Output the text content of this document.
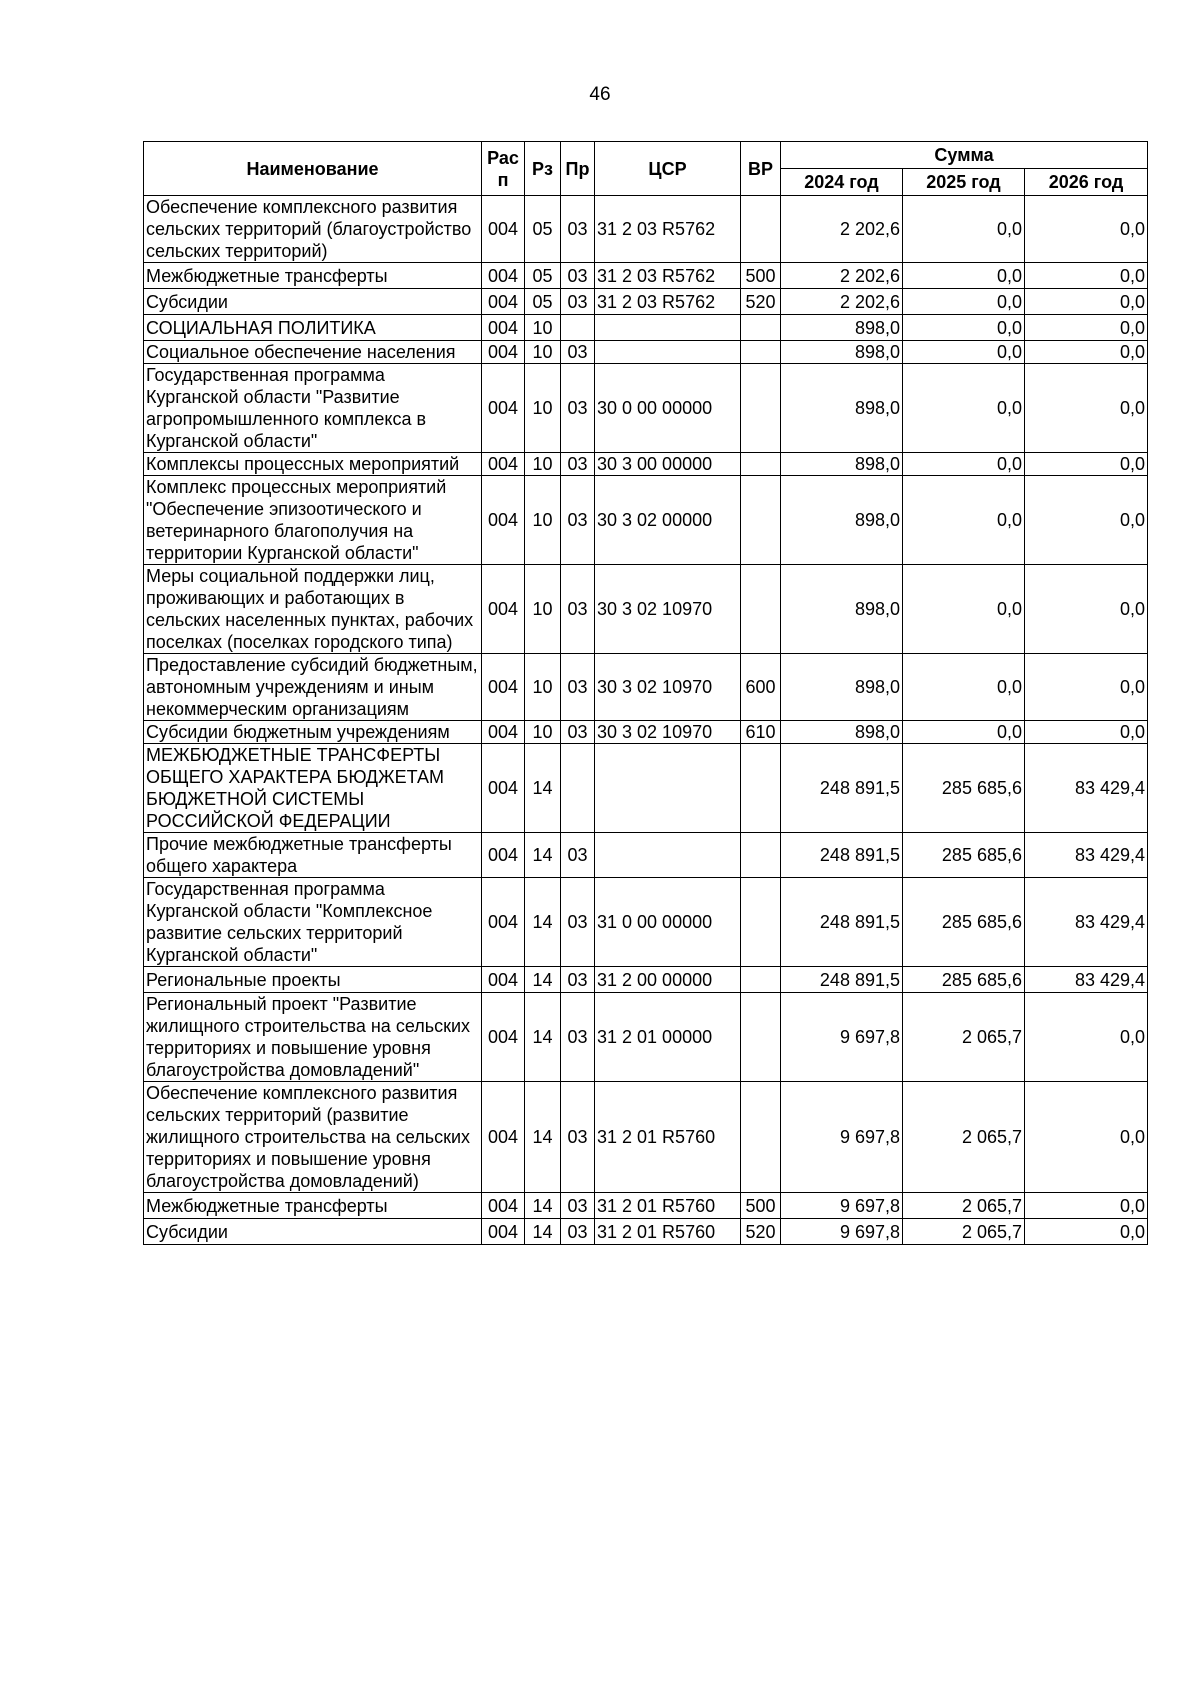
46
Наименование	Рас п	Рз	Пр	ЦСР	ВР	Сумма		
						2024 год	2025 год	2026 год
Обеспечение комплексного развития сельских территорий (благоустройство сельских территорий)	004	05	03	31 2 03 R5762		2 202,6	0,0	0,0
Межбюджетные трансферты	004	05	03	31 2 03 R5762	500	2 202,6	0,0	0,0
Субсидии	004	05	03	31 2 03 R5762	520	2 202,6	0,0	0,0
СОЦИАЛЬНАЯ ПОЛИТИКА	004	10				898,0	0,0	0,0
Социальное обеспечение населения	004	10	03			898,0	0,0	0,0
Государственная программа Курганской области "Развитие агропромышленного комплекса в Курганской области"	004	10	03	30 0 00 00000		898,0	0,0	0,0
Комплексы процессных мероприятий	004	10	03	30 3 00 00000		898,0	0,0	0,0
Комплекс процессных мероприятий "Обеспечение эпизоотического и ветеринарного благополучия на территории Курганской области"	004	10	03	30 3 02 00000		898,0	0,0	0,0
Меры социальной поддержки лиц, проживающих и работающих в сельских населенных пунктах, рабочих поселках (поселках городского типа)	004	10	03	30 3 02 10970		898,0	0,0	0,0
Предоставление субсидий бюджетным, автономным учреждениям и иным некоммерческим организациям	004	10	03	30 3 02 10970	600	898,0	0,0	0,0
Субсидии бюджетным учреждениям	004	10	03	30 3 02 10970	610	898,0	0,0	0,0
МЕЖБЮДЖЕТНЫЕ ТРАНСФЕРТЫ ОБЩЕГО ХАРАКТЕРА БЮДЖЕТАМ БЮДЖЕТНОЙ СИСТЕМЫ РОССИЙСКОЙ ФЕДЕРАЦИИ	004	14				248 891,5	285 685,6	83 429,4
Прочие межбюджетные трансферты общего характера	004	14	03			248 891,5	285 685,6	83 429,4
Государственная программа Курганской области "Комплексное развитие сельских территорий Курганской области"	004	14	03	31 0 00 00000		248 891,5	285 685,6	83 429,4
Региональные проекты	004	14	03	31 2 00 00000		248 891,5	285 685,6	83 429,4
Региональный проект "Развитие жилищного строительства на сельских территориях и повышение уровня благоустройства домовладений"	004	14	03	31 2 01 00000		9 697,8	2 065,7	0,0
Обеспечение комплексного развития сельских территорий (развитие жилищного строительства на сельских территориях и повышение уровня благоустройства домовладений)	004	14	03	31 2 01 R5760		9 697,8	2 065,7	0,0
Межбюджетные трансферты	004	14	03	31 2 01 R5760	500	9 697,8	2 065,7	0,0
Субсидии	004	14	03	31 2 01 R5760	520	9 697,8	2 065,7	0,0
